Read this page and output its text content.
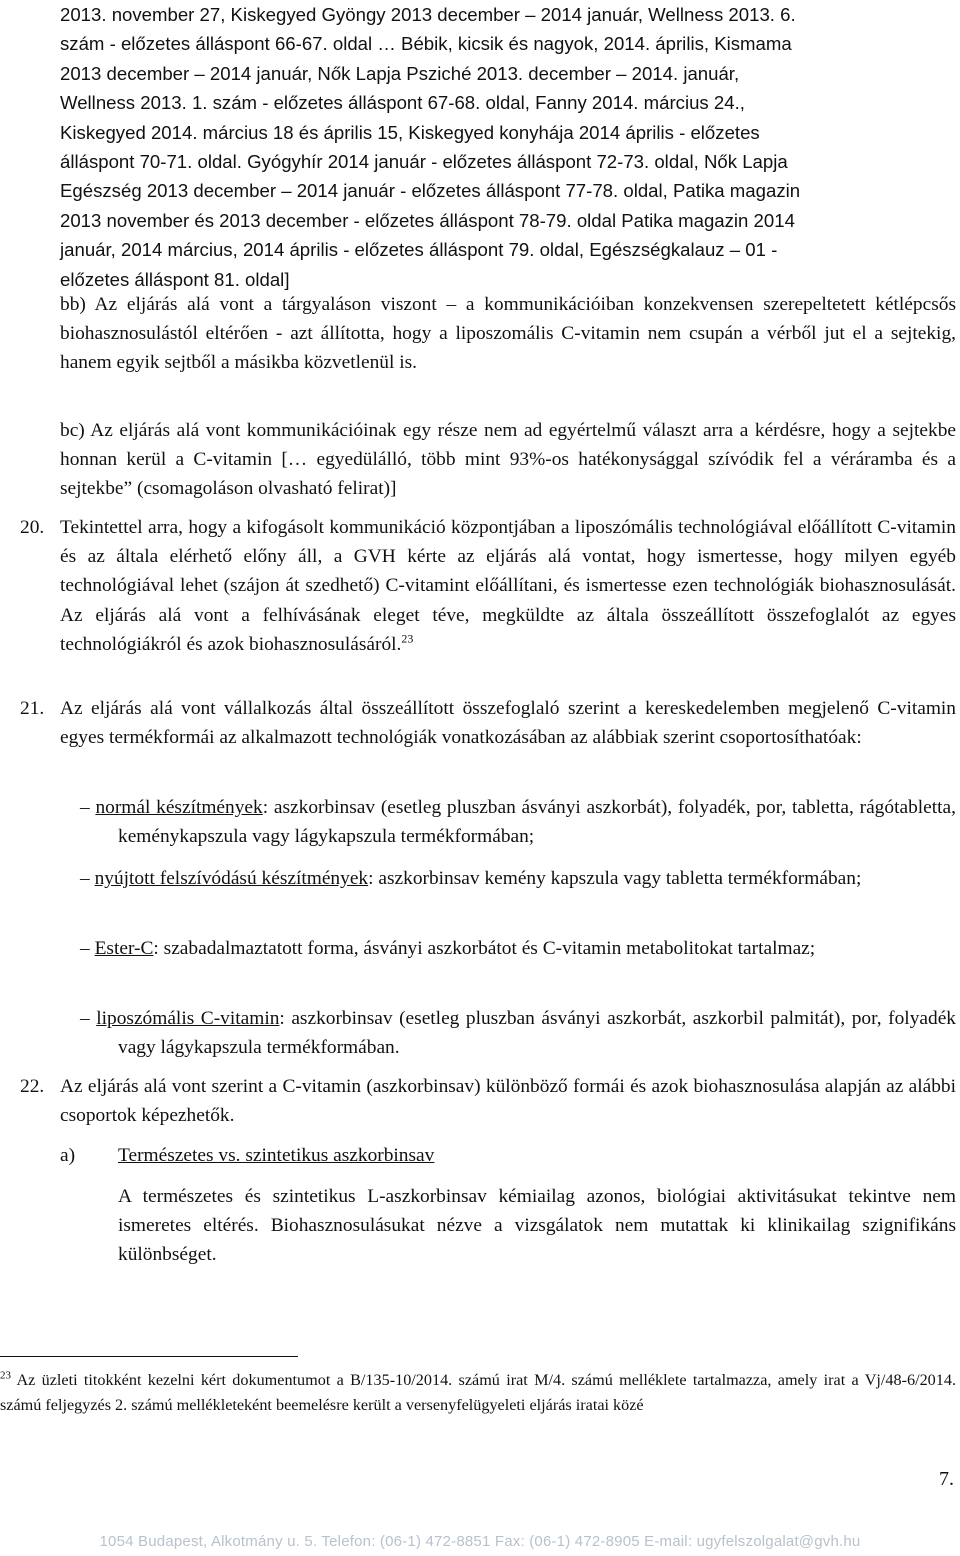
2013. november 27, Kiskegyed Gyöngy 2013 december – 2014 január, Wellness 2013. 6.
szám - előzetes álláspont 66-67. oldal … Bébik, kicsik és nagyok, 2014. április, Kismama
2013 december – 2014 január, Nők Lapja Psziché 2013. december – 2014. január,
Wellness 2013. 1. szám - előzetes álláspont 67-68. oldal, Fanny 2014. március 24.,
Kiskegyed 2014. március 18 és április 15, Kiskegyed konyhája 2014 április - előzetes
álláspont 70-71. oldal. Gyógyhír 2014 január - előzetes álláspont 72-73. oldal, Nők Lapja
Egészség 2013 december – 2014 január - előzetes álláspont 77-78. oldal, Patika magazin
2013 november és 2013 december - előzetes álláspont 78-79. oldal Patika magazin 2014
január, 2014 március, 2014 április - előzetes álláspont 79. oldal, Egészségkalauz – 01 -
előzetes álláspont 81. oldal]

bb) Az eljárás alá vont a tárgyaláson viszont – a kommunikációiban konzekvensen szerepeltetett kétlépcsős biohasznosulástól eltérően - azt állította, hogy a liposzomális C-vitamin nem csupán a vérből jut el a sejtekig, hanem egyik sejtből a másikba közvetlenül is.

bc) Az eljárás alá vont kommunikációinak egy része nem ad egyértelmű választ arra a kérdésre, hogy a sejtekbe honnan kerül a C-vitamin [… egyedülálló, több mint 93%-os hatékonysággal szívódik fel a véráramba és a sejtekbe” (csomagoláson olvasható felirat)]

20. Tekintettel arra, hogy a kifogásolt kommunikáció központjában a liposzómális technológiával előállított C-vitamin és az általa elérhető előny áll, a GVH kérte az eljárás alá vontat, hogy ismertesse, hogy milyen egyéb technológiával lehet (szájon át szedhető) C-vitamint előállítani, és ismertesse ezen technológiák biohasznosulását. Az eljárás alá vont a felhívásának eleget téve, megküldte az általa összeállított összefoglalót az egyes technológiákról és azok biohasznosulásáról.$^{23}$

21. Az eljárás alá vont vállalkozás által összeállított összefoglaló szerint a kereskedelemben megjelenő C-vitamin egyes termékformái az alkalmazott technológiák vonatkozásában az alábbiak szerint csoportosíthatóak:

– normál készítmények: aszkorbinsav (esetleg pluszban ásványi aszkorbát), folyadék, por, tabletta, rágótabletta, keménykapszula vagy lágykapszula termékformában;

– nyújtott felszívódású készítmények: aszkorbinsav kemény kapszula vagy tabletta termékformában;

– Ester-C: szabadalmaztatott forma, ásványi aszkorbátot és C-vitamin metabolitokat tartalmaz;

– liposzómális C-vitamin: aszkorbinsav (esetleg pluszban ásványi aszkorbát, aszkorbil palmitát), por, folyadék vagy lágykapszula termékformában.

22. Az eljárás alá vont szerint a C-vitamin (aszkorbinsav) különböző formái és azok biohasznosulása alapján az alábbi csoportok képezhetők.

a) Természetes vs. szintetikus aszkorbinsav

A természetes és szintetikus L-aszkorbinsav kémiailag azonos, biológiai aktivitásukat tekintve nem ismeretes eltérés. Biohasznosulásukat nézve a vizsgálatok nem mutattak ki klinikailag szignifikáns különbséget.

$^{23}$ Az üzleti titokként kezelni kért dokumentumot a B/135-10/2014. számú irat M/4. számú melléklete tartalmazza, amely irat a Vj/48-6/2014. számú feljegyzés 2. számú mellékleteként beemelésre került a versenyfelügyeleti eljárás iratai közé

7.
1054 Budapest, Alkotmány u. 5. Telefon: (06-1) 472-8851 Fax: (06-1) 472-8905 E-mail: ugyfelszolgalat@gvh.hu
